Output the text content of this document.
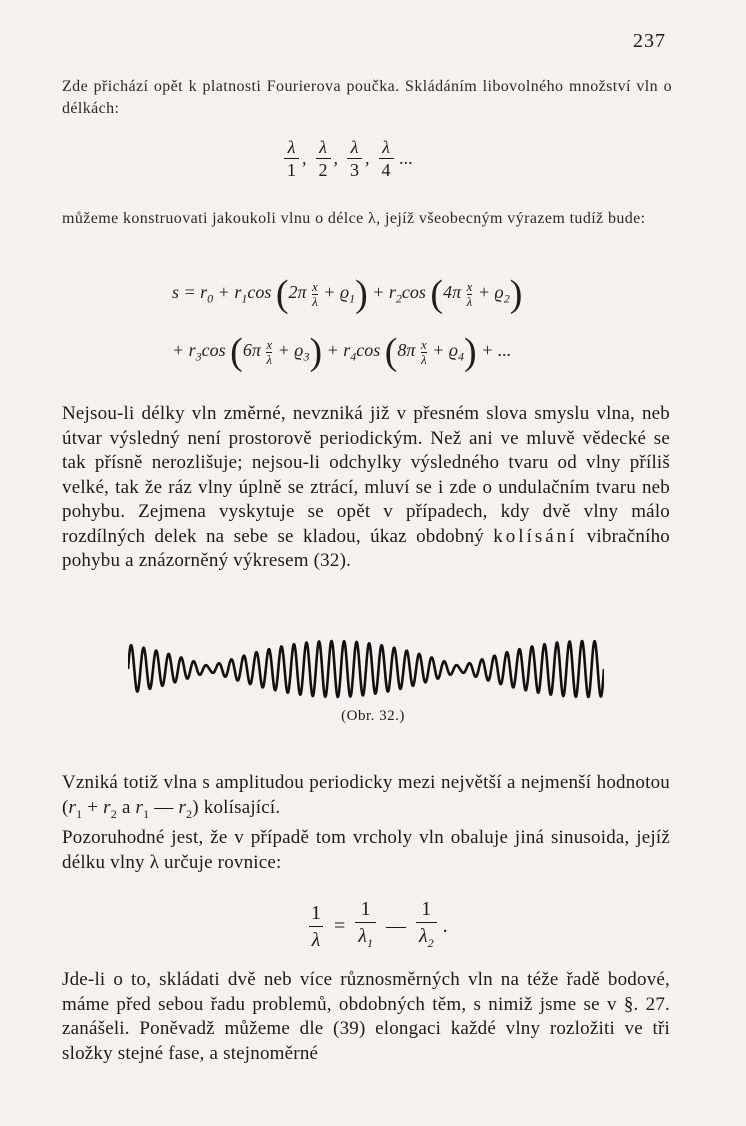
237
Zde přichází opět k platnosti Fourierova poučka. Skládáním libovolného množství vln o délkách:
$\frac{\lambda}{1}$ , $\frac{\lambda}{2}$ , $\frac{\lambda}{3}$ , $\frac{\lambda}{4}$ ...
můžeme konstruovati jakoukoli vlnu o délce λ, jejíž všeobecným výrazem tudíž bude:
$s = r_0 + r_1\cos$ $(2\pi \frac{x}{\lambda} + ϱ_1) + r_2\cos$ $(4\pi \frac{x}{\lambda} + ϱ_2)$
+ $r_3\cos$ $(6\pi \frac{x}{\lambda} + ϱ_3) + r_4\cos$ $(8\pi \frac{x}{\lambda} + ϱ_4)$ + ...
Nejsou-li délky vln změrné, nevzniká již v přesném slova smyslu vlna, neb útvar výsledný není prostorově periodickým. Než ani ve mluvě vědecké se tak přísně nerozlišuje; nejsou-li odchylky výsledného tvaru od vlny příliš velké, tak že ráz vlny úplně se ztrácí, mluví se i zde o undulačním tvaru neb pohybu. Zejmena vyskytuje se opět v případech, kdy dvě vlny málo rozdílných delek na sebe se kladou, úkaz obdobný kolísání vibračního pohybu a znázorněný výkresem (32).
(Obr. 32.)
Vzniká totiž vlna s amplitudou periodicky mezi největší a nejmenší hodnotou ($r_1 + r_2$ a $r_1$ — $r_2$) kolísající.
Pozoruhodné jest, že v případě tom vrcholy vln obaluje jiná sinusoida, jejíž délku vlny λ určuje rovnice:
$\frac{1}{\lambda} = \frac{1}{\lambda_1}$ — $\frac{1}{\lambda_2}$ .
Jde-li o to, skládati dvě neb více různosměrných vln na téže řadě bodové, máme před sebou řadu problemů, obdobných těm, s nimiž jsme se v §. 27. zanášeli. Poněvadž můžeme dle (39) elongaci každé vlny rozložiti ve tři složky stejné fase, a stejnoměrné
